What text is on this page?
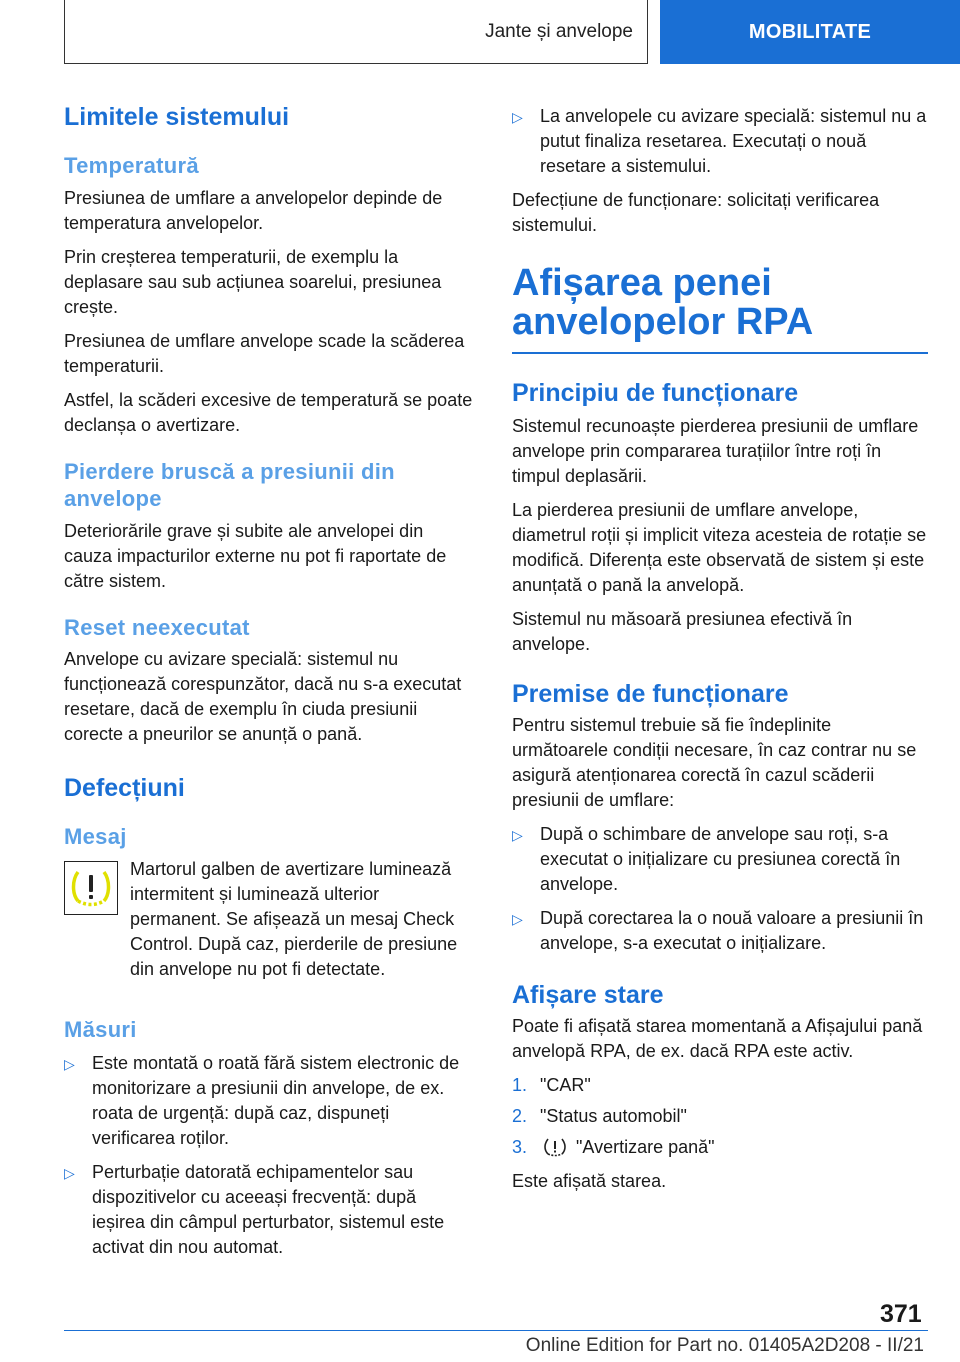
Jante și anvelope	MOBILITATE
Limitele sistemului
Temperatură

Presiunea de umflare a anvelopelor depinde de temperatura anvelopelor.

Prin creșterea temperaturii, de exemplu la deplasare sau sub acțiunea soarelui, presiunea crește.

Presiunea de umflare anvelope scade la scăderea temperaturii.

Astfel, la scăderi excesive de temperatură se poate declanșa o avertizare.

Pierdere bruscă a presiunii din anvelope

Deteriorările grave și subite ale anvelopei din cauza impacturilor externe nu pot fi raportate de către sistem.

Reset neexecutat

Anvelope cu avizare specială: sistemul nu funcționează corespunzător, dacă nu s-a executat resetare, dacă de exemplu în ciuda presiunii corecte a pneurilor se anunță o pană.

Defecțiuni
Mesaj

Martorul galben de avertizare luminează intermitent și luminează ulterior permanent. Se afișează un mesaj Check Control. După caz, pierderile de presiune din anvelope nu pot fi detectate.

Măsuri
▷ Este montată o roată fără sistem electronic de monitorizare a presiunii din anvelope, de ex. roata de urgență: după caz, dispuneți verificarea roților.
▷ Perturbație datorată echipamentelor sau dispozitivelor cu aceeași frecvență: după ieșirea din câmpul perturbator, sistemul este activat din nou automat.
▷ La anvelopele cu avizare specială: sistemul nu a putut finaliza resetarea. Executați o nouă resetare a sistemului.

Defecțiune de funcționare: solicitați verificarea sistemului.

Afișarea penei anvelopelor RPA
Principiu de funcționare

Sistemul recunoaște pierderea presiunii de umflare anvelope prin compararea turațiilor între roți în timpul deplasării.

La pierderea presiunii de umflare anvelope, diametrul roții și implicit viteza acesteia de rotație se modifică. Diferența este observată de sistem și este anunțată o pană la anvelopă.

Sistemul nu măsoară presiunea efectivă în anvelope.

Premise de funcționare

Pentru sistemul trebuie să fie îndeplinite următoarele condiții necesare, în caz contrar nu se asigură atenționarea corectă în cazul scăderii presiunii de umflare:

▷ După o schimbare de anvelope sau roți, s-a executat o inițializare cu presiunea corectă în anvelope.
▷ După corectarea la o nouă valoare a presiunii în anvelope, s-a executat o inițializare.
Afișare stare

Poate fi afișată starea momentană a Afișajului pană anvelopă RPA, de ex. dacă RPA este activ.

1. "CAR"
2. "Status automobil"
3.	"Avertizare pană"

Este afișată starea.

371
Online Edition for Part no. 01405A2D208 - II/21
